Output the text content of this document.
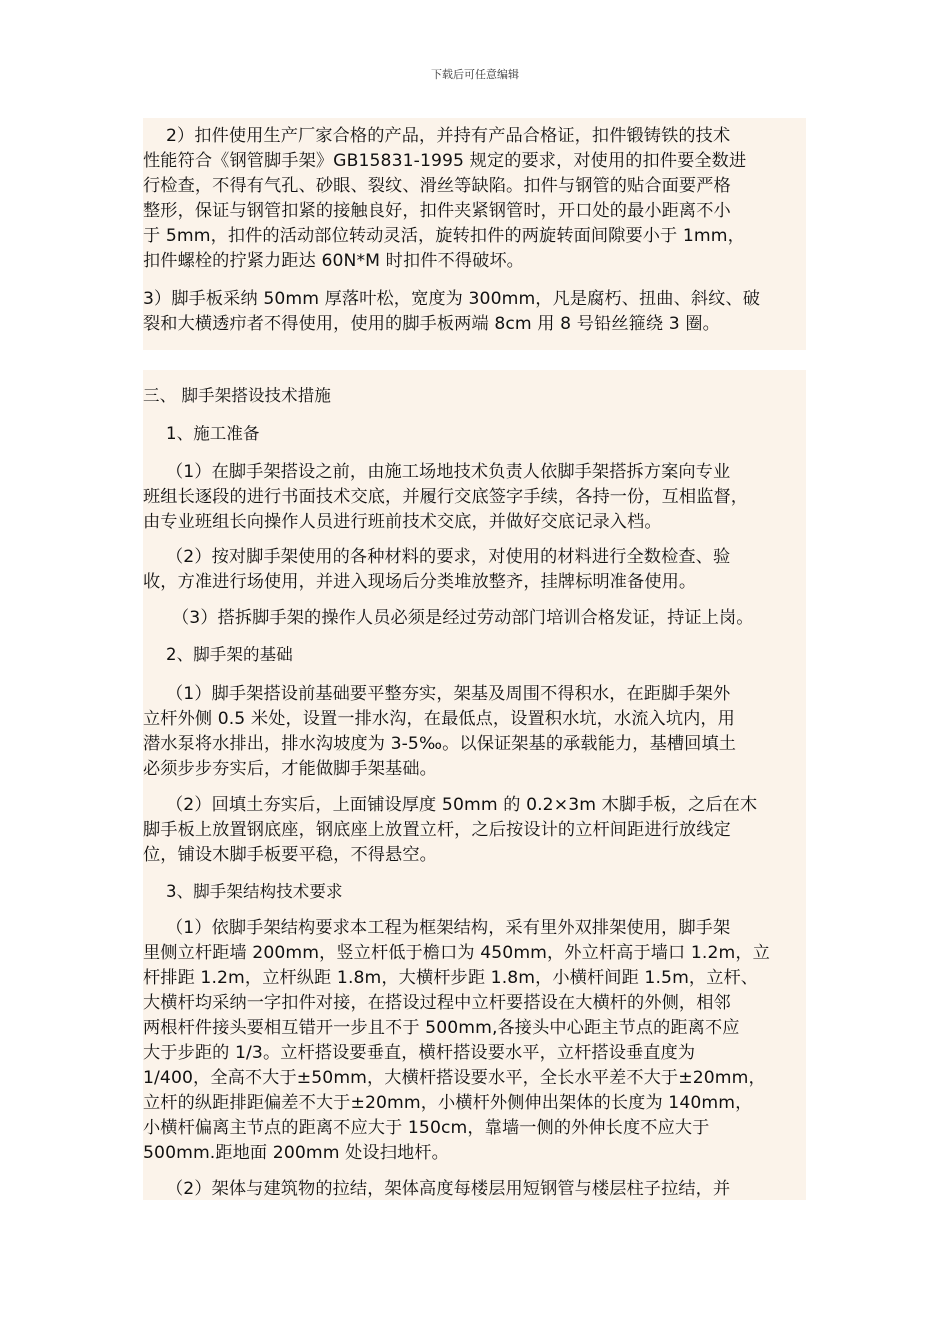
下载后可任意编辑
2）扣件使用生产厂家合格的产品，并持有产品合格证，扣件锻铸铁的技术
性能符合《钢管脚手架》GB15831-1995 规定的要求，对使用的扣件要全数进
行检查，不得有气孔、砂眼、裂纹、滑丝等缺陷。扣件与钢管的贴合面要严格
整形，保证与钢管扣紧的接触良好，扣件夹紧钢管时，开口处的最小距离不小
于 5mm，扣件的活动部位转动灵活，旋转扣件的两旋转面间隙要小于 1mm，
扣件螺栓的拧紧力距达 60N*M 时扣件不得破坏。
3）脚手板采纳 50mm 厚落叶松，宽度为 300mm，凡是腐朽、扭曲、斜纹、破
裂和大横透疖者不得使用，使用的脚手板两端 8cm 用 8 号铅丝箍绕 3 圈。
三、 脚手架搭设技术措施
1、施工准备
（1）在脚手架搭设之前，由施工场地技术负责人依脚手架搭拆方案向专业
班组长逐段的进行书面技术交底，并履行交底签字手续，各持一份，互相监督，
由专业班组长向操作人员进行班前技术交底，并做好交底记录入档。
（2）按对脚手架使用的各种材料的要求，对使用的材料进行全数检查、验
收，方准进行场使用，并进入现场后分类堆放整齐，挂牌标明准备使用。
（3）搭拆脚手架的操作人员必须是经过劳动部门培训合格发证，持证上岗。
2、脚手架的基础
（1）脚手架搭设前基础要平整夯实，架基及周围不得积水，在距脚手架外
立杆外侧 0.5 米处，设置一排水沟，在最低点，设置积水坑，水流入坑内，用
潜水泵将水排出，排水沟坡度为 3-5‰。以保证架基的承载能力，基槽回填土
必须步步夯实后，才能做脚手架基础。
（2）回填土夯实后，上面铺设厚度 50mm 的 0.2×3m 木脚手板，之后在木
脚手板上放置钢底座，钢底座上放置立杆，之后按设计的立杆间距进行放线定
位，铺设木脚手板要平稳，不得悬空。
3、脚手架结构技术要求
（1）依脚手架结构要求本工程为框架结构，采有里外双排架使用，脚手架
里侧立杆距墙 200mm，竖立杆低于檐口为 450mm，外立杆高于墙口 1.2m，立
杆排距 1.2m，立杆纵距 1.8m，大横杆步距 1.8m，小横杆间距 1.5m，立杆、
大横杆均采纳一字扣件对接，在搭设过程中立杆要搭设在大横杆的外侧，相邻
两根杆件接头要相互错开一步且不于 500mm,各接头中心距主节点的距离不应
大于步距的 1/3。立杆搭设要垂直，横杆搭设要水平，立杆搭设垂直度为
1/400，全高不大于±50mm，大横杆搭设要水平，全长水平差不大于±20mm，
立杆的纵距排距偏差不大于±20mm，小横杆外侧伸出架体的长度为 140mm，
小横杆偏离主节点的距离不应大于 150cm，靠墙一侧的外伸长度不应大于
500mm.距地面 200mm 处设扫地杆。
（2）架体与建筑物的拉结，架体高度每楼层用短钢管与楼层柱子拉结，并
